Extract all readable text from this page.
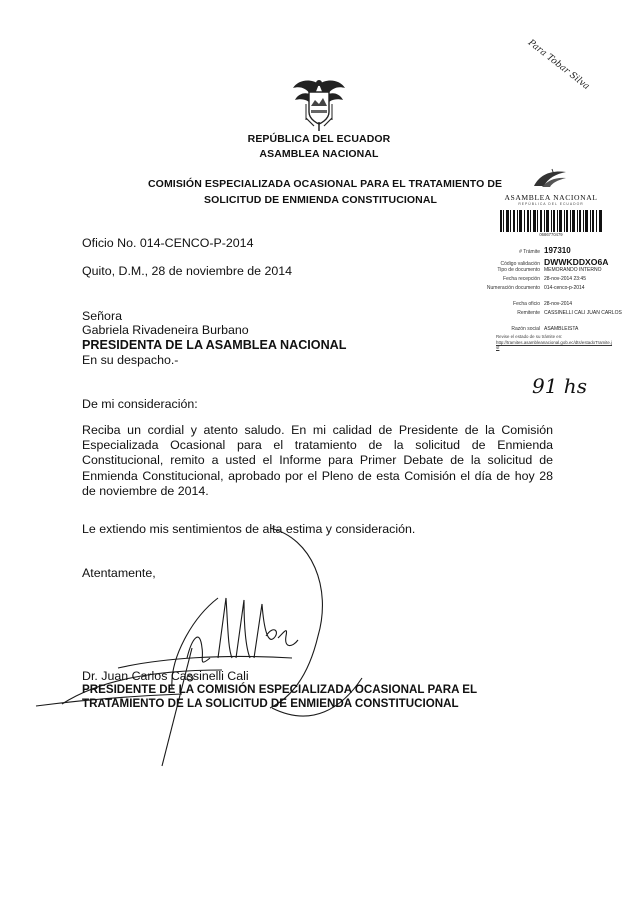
Para Tobar Silva
REPÚBLICA DEL ECUADOR
ASAMBLEA NACIONAL
COMISIÓN ESPECIALIZADA OCASIONAL PARA EL TRATAMIENTO DE
SOLICITUD DE ENMIENDA CONSTITUCIONAL	ASAMBLEA NACIONAL
REPÚBLICA DEL ECUADOR
0686770479
# Trámite 197310
Código validación DWWKDDXO6A
Tipo de documento MEMORANDO INTERNO
Fecha recepción 28-nov-2014 23:45
Numeración documento 014-cenco-p-2014
Fecha oficio 28-nov-2014
Remitente CASSINELLI CALI JUAN CARLOS
Razón social ASAMBLEISTA
Revise el estado de su trámite en:
http://tramites.asambleanacional.gob.ec/dts/estadoTramite.jsf
91 hs
Oficio No. 014-CENCO-P-2014
Quito, D.M., 28 de noviembre de 2014
Señora
Gabriela Rivadeneira Burbano
PRESIDENTA DE LA ASAMBLEA NACIONAL
En su despacho.-
De mi consideración:
Reciba un cordial y atento saludo. En mi calidad de Presidente de la Comisión Especializada Ocasional para el tratamiento de la solicitud de Enmienda Constitucional, remito a usted el Informe para Primer Debate de la solicitud de Enmienda Constitucional, aprobado por el Pleno de esta Comisión el día de hoy 28 de noviembre de 2014.
Le extiendo mis sentimientos de alta estima y consideración.
Atentamente,
Dr. Juan Carlos Cassinelli Cali
PRESIDENTE DE LA COMISIÓN ESPECIALIZADA OCASIONAL PARA EL
TRATAMIENTO DE LA SOLICITUD DE ENMIENDA CONSTITUCIONAL
